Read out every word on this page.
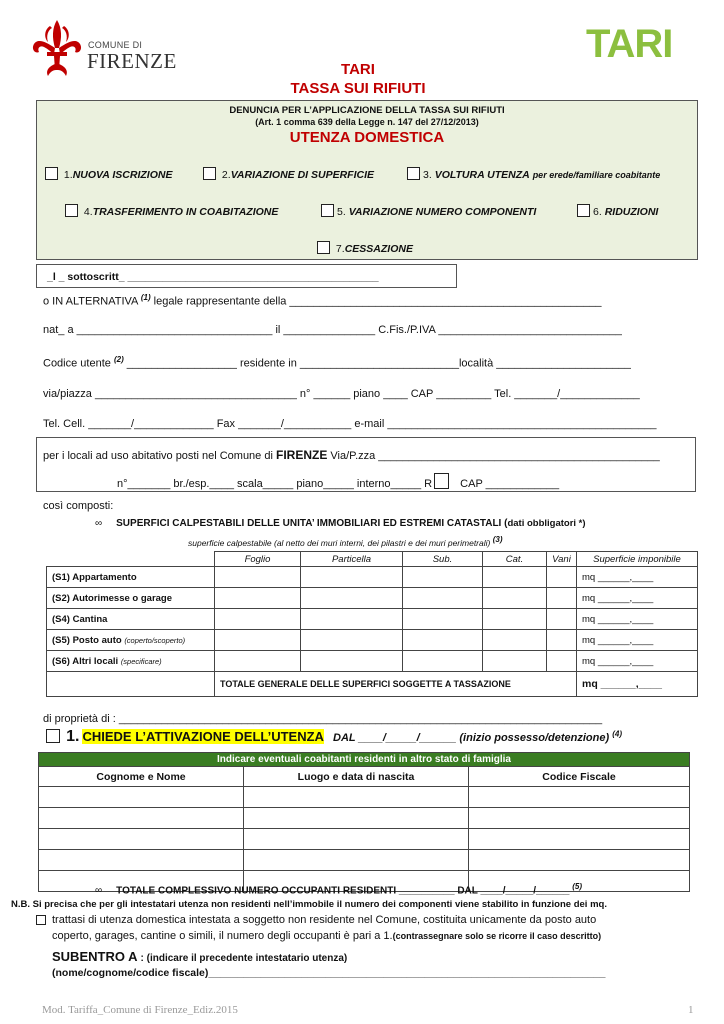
COMUNE DI
FIRENZE	TARI
TARI
TASSA SUI RIFIUTI
DENUNCIA PER L’APPLICAZIONE DELLA TASSA SUI RIFIUTI
(Art. 1 comma 639 della Legge n. 147 del 27/12/2013)
UTENZA DOMESTICA
1.NUOVA ISCRIZIONE	2.VARIAZIONE DI SUPERFICIE	3. VOLTURA UTENZA per erede/familiare coabitante
4.TRASFERIMENTO IN COABITAZIONE	5. VARIAZIONE NUMERO COMPONENTI	6. RIDUZIONI
7.CESSAZIONE
_l _ sottoscritt_ ___________________________________________
o IN ALTERNATIVA $^{(1)}$ legale rappresentante della ___________________________________________________
nat_ a ________________________________ il _______________ C.Fis./P.IVA ______________________________
Codice utente $^{(2)}$ __________________ residente in __________________________località ______________________
via/piazza _________________________________ n° ______ piano ____ CAP _________ Tel. _______/_____________
Tel. Cell. _______/_____________ Fax _______/___________ e-mail ____________________________________________
per i locali ad uso abitativo posti nel Comune di FIRENZE Via/P.zza ______________________________________________
n°_______ br./esp.____ scala_____ piano_____ interno_____ R	CAP ____________
così composti:
∞ SUPERFICI CALPESTABILI DELLE UNITA’ IMMOBILIARI ED ESTREMI CATASTALI (dati obbligatori *)
superficie calpestabile (al netto dei muri interni, dei pilastri e dei muri perimetrali) $^{(3)}$
	Foglio	Particella	Sub.	Cat.	Vani	Superficie imponibile
(S1) Appartamento						mq ______,____
(S2) Autorimesse o garage						mq ______,____
(S4) Cantina						mq ______,____
(S5) Posto auto (coperto/scoperto)						mq ______,____
(S6) Altri locali (specificare)						mq ______,____
	TOTALE GENERALE DELLE SUPERFICI SOGGETTE A TASSAZIONE					mq ______,____
di proprietà di : _______________________________________________________________________________
1. CHIEDE L’ATTIVAZIONE DELL’UTENZA DAL ____/_____/______ (inizio possesso/detenzione) $^{(4)}$
Indicare eventuali coabitanti residenti in altro stato di famiglia		
Cognome e Nome	Luogo e data di nascita	Codice Fiscale

∞ TOTALE COMPLESSIVO NUMERO OCCUPANTI RESIDENTI __________ DAL ____/_____/______ $^{(5)}$
N.B. Si precisa che per gli intestatari utenza non residenti nell’immobile il numero dei componenti viene stabilito in funzione dei mq.
trattasi di utenza domestica intestata a soggetto non residente nel Comune, costituita unicamente da posto auto
coperto, garages, cantine o simili, il numero degli occupanti è pari a 1.(contrassegnare solo se ricorre il caso descritto)
SUBENTRO A : (indicare il precedente intestatario utenza)
(nome/cognome/codice fiscale)____________________________________________________________________
Mod. Tariffa_Comune di Firenze_Ediz.2015	1
